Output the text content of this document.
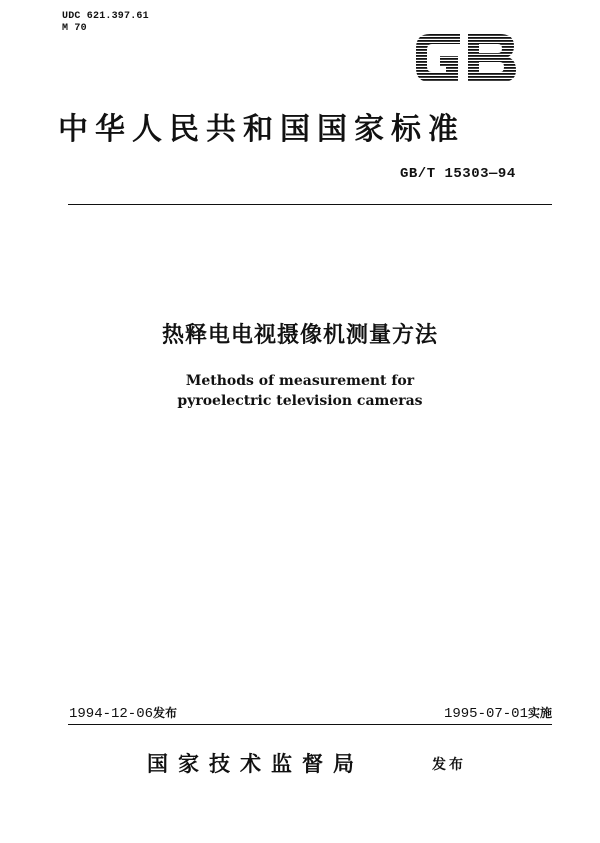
UDC 621.397.61
M 70
中华人民共和国国家标准
GB/T 15303—94
热释电电视摄像机测量方法
Methods of measurement for
pyroelectric television cameras
1994-12-06发布	1995-07-01实施
国家技术监督局	发布
